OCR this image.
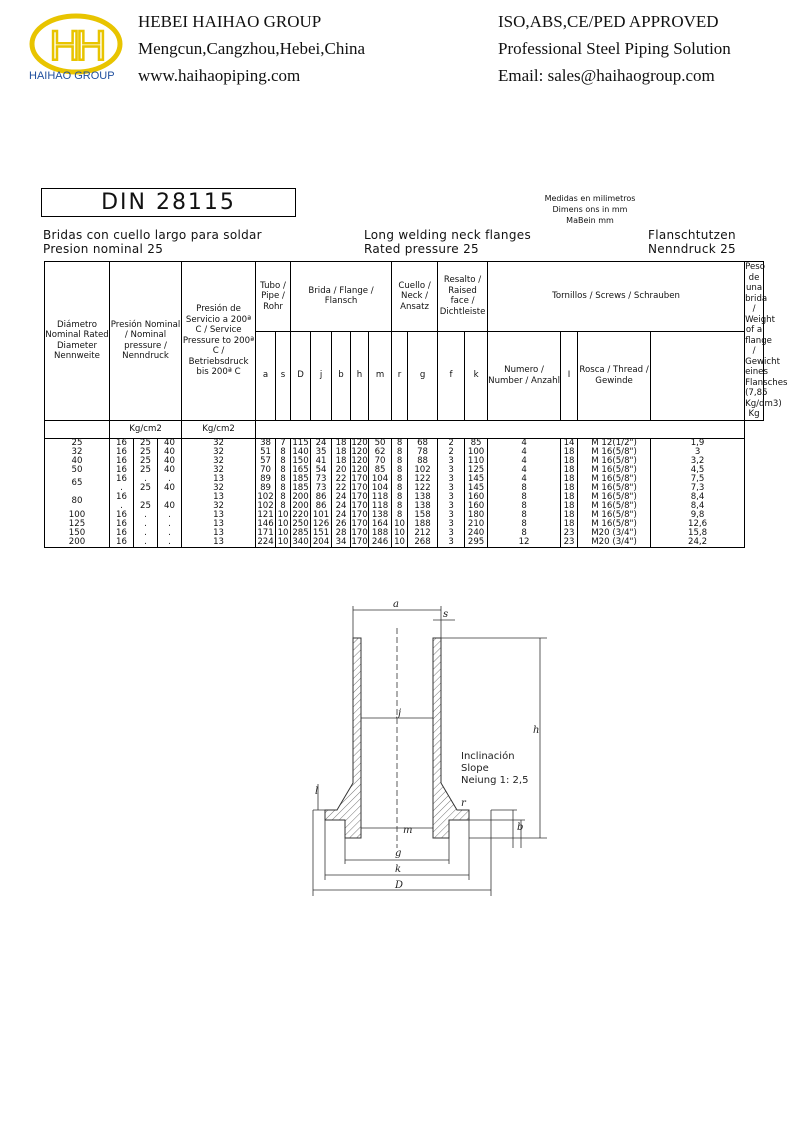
HH
HAIHAO GROUP
HEBEI HAIHAO GROUP
Mengcun,Cangzhou,Hebei,China
www.haihaopiping.com
ISO,ABS,CE/PED APPROVED
Professional Steel Piping Solution
Email: sales@haihaogroup.com
DIN 28115	Medidas en milimetros
Dimens ons in mm
MaBein mm
Bridas con cuello largo para soldar
Presion nominal 25
Long welding neck flanges
Rated pressure 25
Flanschtutzen
Nenndruck 25
Diámetro Nominal Rated Diameter Nennweite	Presión Nominal / Nominal pressure / Nenndruck			Presión de Servicio a 200ª C / Service Pressure to 200ª C / Betriebsdruck bis 200ª C	Tubo / Pipe / Rohr		Brida / Flange / Flansch					Cuello / Neck / Ansatz		Resalto / Raised face / Dichtleiste		Tornillos / Screws / Schrauben				Peso de una brida / Weight of a flange / Gewicht eines Flansches (7,85 Kg/dm3) Kg
					a	s	D	j	b	h	m	r	g	f	k	Numero / Number / Anzahl	I	Rosca / Thread / Gewinde		
	Kg/cm2			Kg/cm2																
25	16	25	40	32	38	7	115	24	18	120	50	8	68	2	85	4	14	M 12(1/2")	1,9	
32	16	25	40	32	51	8	140	35	18	120	62	8	78	2	100	4	18	M 16(5/8")	3	
40	16	25	40	32	57	8	150	41	18	120	70	8	88	3	110	4	18	M 16(5/8")	3,2	
50	16	25	40	32	70	8	165	54	20	120	85	8	102	3	125	4	18	M 16(5/8")	4,5	
65	16	.	.	13	89	8	185	73	22	170	104	8	122	3	145	4	18	M 16(5/8")	7,5	
	.	25	40	32	89	8	185	73	22	170	104	8	122	3	145	8	18	M 16(5/8")	7,3	
80	16			13	102	8	200	86	24	170	118	8	138	3	160	8	18	M 16(5/8")	8,4	
	.	25	40	32	102	8	200	86	24	170	118	8	138	3	160	8	18	M 16(5/8")	8,4	
100	16	.	.	13	121	10	220	101	24	170	138	8	158	3	180	8	18	M 16(5/8")	9,8	
125	16	.	.	13	146	10	250	126	26	170	164	10	188	3	210	8	18	M 16(5/8")	12,6	
150	16	.	.	13	171	10	285	151	28	170	188	10	212	3	240	8	23	M20 (3/4")	15,8	
200	16	.	.	13	224	10	340	204	34	170	246	10	268	3	295	12	23	M20 (3/4")	24,2	
a
s
j
h
l
r
m	b
g
k
D
Inclinación
Slope
Neiung 1: 2,5
